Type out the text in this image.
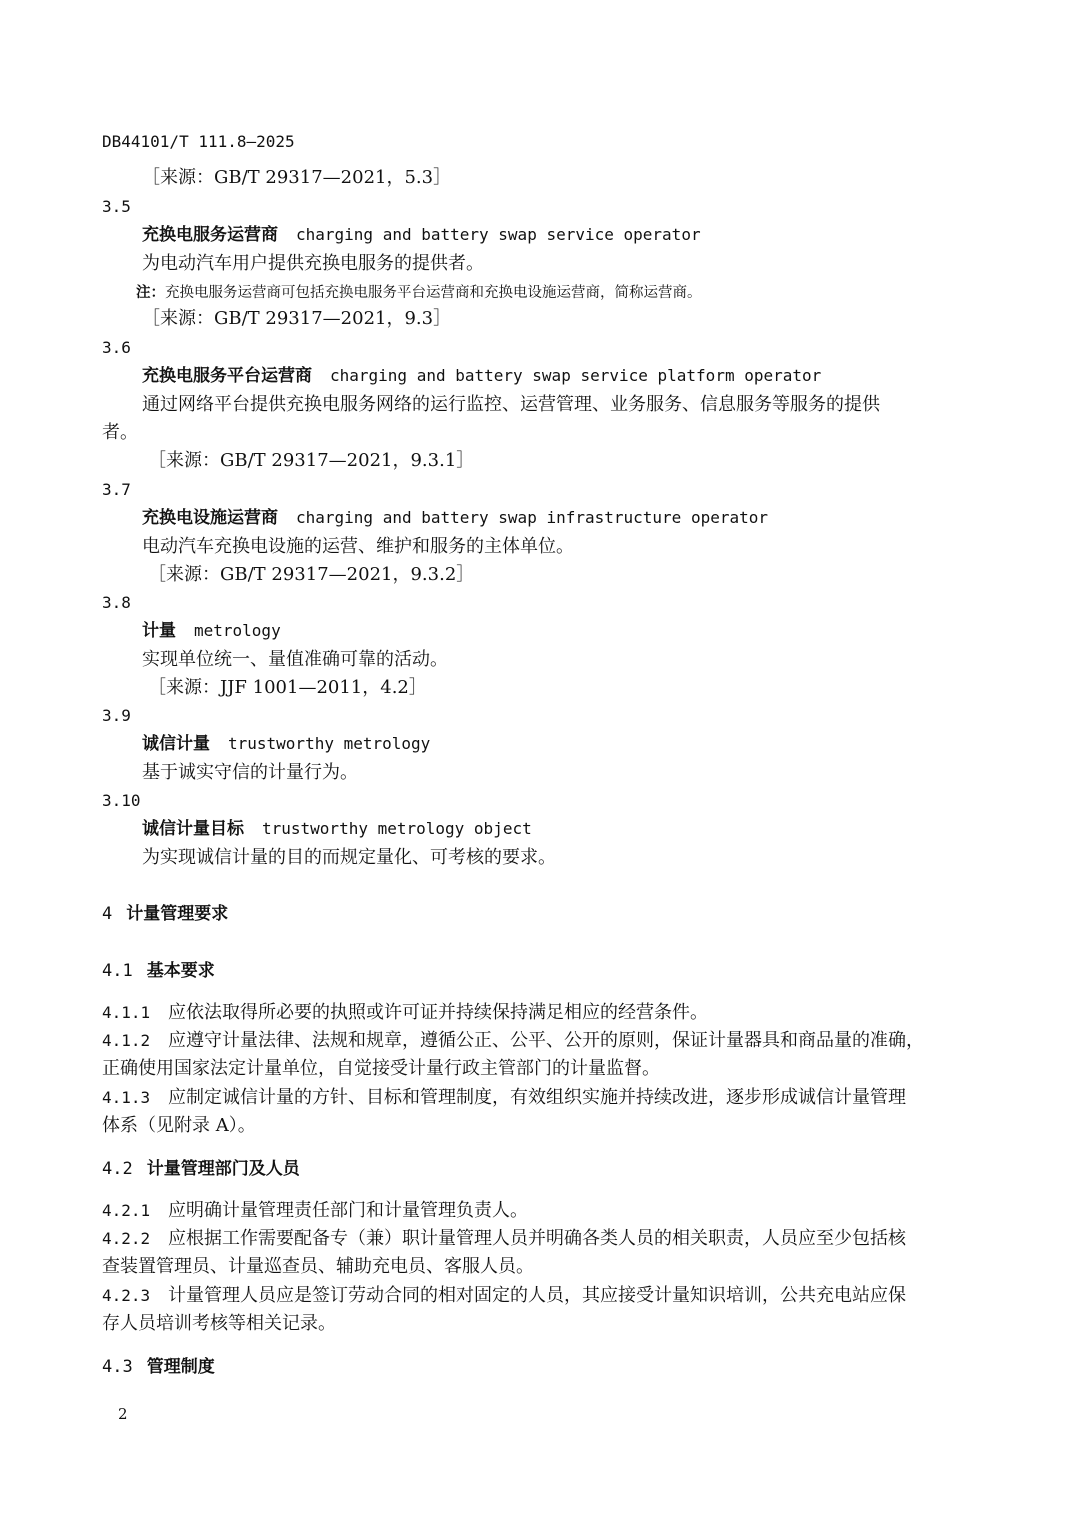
DB44101/T 111.8—2025
［来源：GB/T 29317—2021，5.3］
3.5
充换电服务运营商 charging and battery swap service operator
为电动汽车用户提供充换电服务的提供者。
注：充换电服务运营商可包括充换电服务平台运营商和充换电设施运营商，简称运营商。
［来源：GB/T 29317—2021，9.3］
3.6
充换电服务平台运营商 charging and battery swap service platform operator
通过网络平台提供充换电服务网络的运行监控、运营管理、业务服务、信息服务等服务的提供
者。
［来源：GB/T 29317—2021，9.3.1］
3.7
充换电设施运营商 charging and battery swap infrastructure operator
电动汽车充换电设施的运营、维护和服务的主体单位。
［来源：GB/T 29317—2021，9.3.2］
3.8
计量 metrology
实现单位统一、量值准确可靠的活动。
［来源：JJF 1001—2011，4.2］
3.9
诚信计量 trustworthy metrology
基于诚实守信的计量行为。
3.10
诚信计量目标 trustworthy metrology object
为实现诚信计量的目的而规定量化、可考核的要求。
4 计量管理要求
4.1 基本要求
4.1.1 应依法取得所必要的执照或许可证并持续保持满足相应的经营条件。
4.1.2 应遵守计量法律、法规和规章，遵循公正、公平、公开的原则，保证计量器具和商品量的准确，
正确使用国家法定计量单位，自觉接受计量行政主管部门的计量监督。
4.1.3 应制定诚信计量的方针、目标和管理制度，有效组织实施并持续改进，逐步形成诚信计量管理
体系（见附录 A）。
4.2 计量管理部门及人员
4.2.1 应明确计量管理责任部门和计量管理负责人。
4.2.2 应根据工作需要配备专（兼）职计量管理人员并明确各类人员的相关职责，人员应至少包括核
查装置管理员、计量巡查员、辅助充电员、客服人员。
4.2.3 计量管理人员应是签订劳动合同的相对固定的人员，其应接受计量知识培训，公共充电站应保
存人员培训考核等相关记录。
4.3 管理制度
2
